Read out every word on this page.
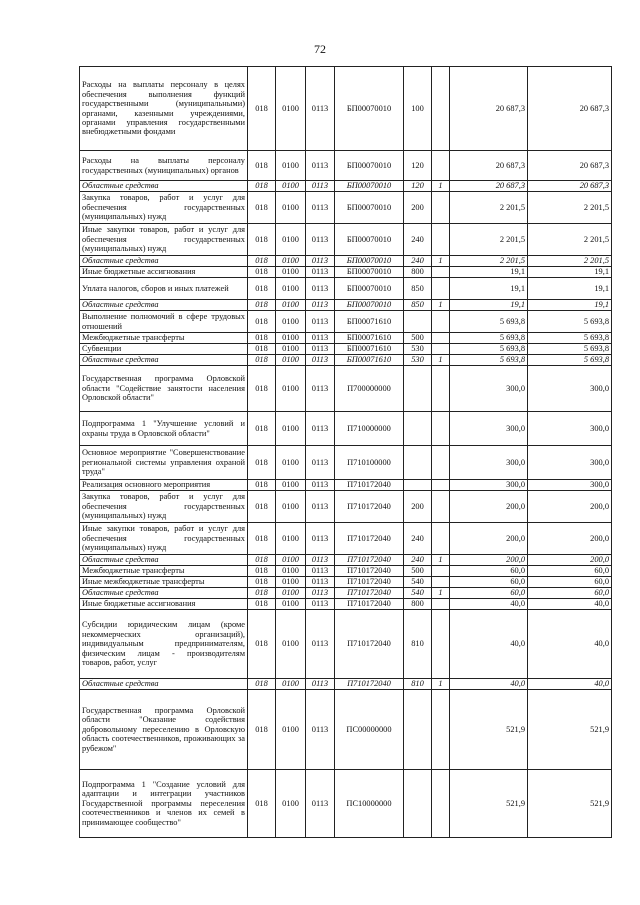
72
Расходы на выплаты персоналу в целях обеспечения выполнения функций государственными (муниципальными) органами, казенными учреждениями, органами управления государственными внебюджетными фондами	018	0100	0113	БП00070010	100		20 687,3	20 687,3
Расходы на выплаты персоналу государственных (муниципальных) органов	018	0100	0113	БП00070010	120		20 687,3	20 687,3
Областные средства	018	0100	0113	БП00070010	120	1	20 687,3	20 687,3
Закупка товаров, работ и услуг для обеспечения государственных (муниципальных) нужд	018	0100	0113	БП00070010	200		2 201,5	2 201,5
Иные закупки товаров, работ и услуг для обеспечения государственных (муниципальных) нужд	018	0100	0113	БП00070010	240		2 201,5	2 201,5
Областные средства	018	0100	0113	БП00070010	240	1	2 201,5	2 201,5
Иные бюджетные ассигнования	018	0100	0113	БП00070010	800		19,1	19,1
Уплата налогов, сборов и иных платежей	018	0100	0113	БП00070010	850		19,1	19,1
Областные средства	018	0100	0113	БП00070010	850	1	19,1	19,1
Выполнение полномочий в сфере трудовых отношений	018	0100	0113	БП00071610			5 693,8	5 693,8
Межбюджетные трансферты	018	0100	0113	БП00071610	500		5 693,8	5 693,8
Субвенции	018	0100	0113	БП00071610	530		5 693,8	5 693,8
Областные средства	018	0100	0113	БП00071610	530	1	5 693,8	5 693,8
Государственная программа Орловской области "Содействие занятости населения Орловской области"	018	0100	0113	П700000000			300,0	300,0
Подпрограмма 1 "Улучшение условий и охраны труда в Орловской области"	018	0100	0113	П710000000			300,0	300,0
Основное мероприятие "Совершенствование региональной системы управления охраной труда"	018	0100	0113	П710100000			300,0	300,0
Реализация основного мероприятия	018	0100	0113	П710172040			300,0	300,0
Закупка товаров, работ и услуг для обеспечения государственных (муниципальных) нужд	018	0100	0113	П710172040	200		200,0	200,0
Иные закупки товаров, работ и услуг для обеспечения государственных (муниципальных) нужд	018	0100	0113	П710172040	240		200,0	200,0
Областные средства	018	0100	0113	П710172040	240	1	200,0	200,0
Межбюджетные трансферты	018	0100	0113	П710172040	500		60,0	60,0
Иные межбюджетные трансферты	018	0100	0113	П710172040	540		60,0	60,0
Областные средства	018	0100	0113	П710172040	540	1	60,0	60,0
Иные бюджетные ассигнования	018	0100	0113	П710172040	800		40,0	40,0
Субсидии юридическим лицам (кроме некоммерческих организаций), индивидуальным предпринимателям, физическим лицам - производителям товаров, работ, услуг	018	0100	0113	П710172040	810		40,0	40,0
Областные средства	018	0100	0113	П710172040	810	1	40,0	40,0
Государственная программа Орловской области "Оказание содействия добровольному переселению в Орловскую область соотечественников, проживающих за рубежом"	018	0100	0113	ПС00000000			521,9	521,9
Подпрограмма 1 "Создание условий для адаптации и интеграции участников Государственной программы переселения соотечественников и членов их семей в принимающее сообщество"	018	0100	0113	ПС10000000			521,9	521,9
